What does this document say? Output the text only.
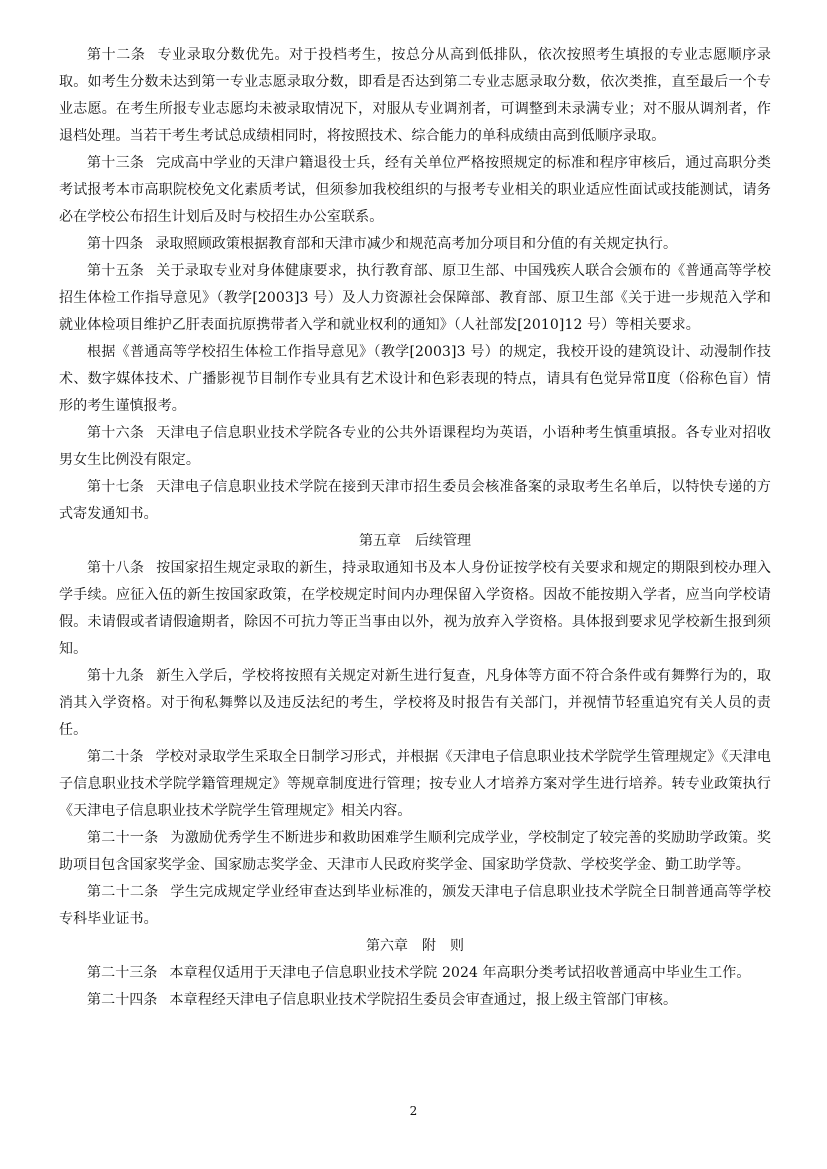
第十二条 专业录取分数优先。对于投档考生，按总分从高到低排队，依次按照考生填报的专业志愿顺序录取。如考生分数未达到第一专业志愿录取分数，即看是否达到第二专业志愿录取分数，依次类推，直至最后一个专业志愿。在考生所报专业志愿均未被录取情况下，对服从专业调剂者，可调整到未录满专业；对不服从调剂者，作退档处理。当若干考生考试总成绩相同时，将按照技术、综合能力的单科成绩由高到低顺序录取。

第十三条 完成高中学业的天津户籍退役士兵，经有关单位严格按照规定的标准和程序审核后，通过高职分类考试报考本市高职院校免文化素质考试，但须参加我校组织的与报考专业相关的职业适应性面试或技能测试，请务必在学校公布招生计划后及时与校招生办公室联系。

第十四条 录取照顾政策根据教育部和天津市减少和规范高考加分项目和分值的有关规定执行。

第十五条 关于录取专业对身体健康要求，执行教育部、原卫生部、中国残疾人联合会颁布的《普通高等学校招生体检工作指导意见》（教学[2003]3 号）及人力资源社会保障部、教育部、原卫生部《关于进一步规范入学和就业体检项目维护乙肝表面抗原携带者入学和就业权利的通知》（人社部发[2010]12 号）等相关要求。

根据《普通高等学校招生体检工作指导意见》（教学[2003]3 号）的规定，我校开设的建筑设计、动漫制作技术、数字媒体技术、广播影视节目制作专业具有艺术设计和色彩表现的特点，请具有色觉异常Ⅱ度（俗称色盲）情形的考生谨慎报考。

第十六条 天津电子信息职业技术学院各专业的公共外语课程均为英语，小语种考生慎重填报。各专业对招收男女生比例没有限定。

第十七条 天津电子信息职业技术学院在接到天津市招生委员会核准备案的录取考生名单后，以特快专递的方式寄发通知书。

第五章　后续管理

第十八条 按国家招生规定录取的新生，持录取通知书及本人身份证按学校有关要求和规定的期限到校办理入学手续。应征入伍的新生按国家政策，在学校规定时间内办理保留入学资格。因故不能按期入学者，应当向学校请假。未请假或者请假逾期者，除因不可抗力等正当事由以外，视为放弃入学资格。具体报到要求见学校新生报到须知。

第十九条 新生入学后，学校将按照有关规定对新生进行复查，凡身体等方面不符合条件或有舞弊行为的，取消其入学资格。对于徇私舞弊以及违反法纪的考生，学校将及时报告有关部门，并视情节轻重追究有关人员的责任。

第二十条 学校对录取学生采取全日制学习形式，并根据《天津电子信息职业技术学院学生管理规定》《天津电子信息职业技术学院学籍管理规定》等规章制度进行管理；按专业人才培养方案对学生进行培养。转专业政策执行《天津电子信息职业技术学院学生管理规定》相关内容。

第二十一条 为激励优秀学生不断进步和救助困难学生顺利完成学业，学校制定了较完善的奖励助学政策。奖助项目包含国家奖学金、国家励志奖学金、天津市人民政府奖学金、国家助学贷款、学校奖学金、勤工助学等。

第二十二条 学生完成规定学业经审查达到毕业标准的，颁发天津电子信息职业技术学院全日制普通高等学校专科毕业证书。

第六章　附　则

第二十三条 本章程仅适用于天津电子信息职业技术学院 2024 年高职分类考试招收普通高中毕业生工作。

第二十四条 本章程经天津电子信息职业技术学院招生委员会审查通过，报上级主管部门审核。

2
